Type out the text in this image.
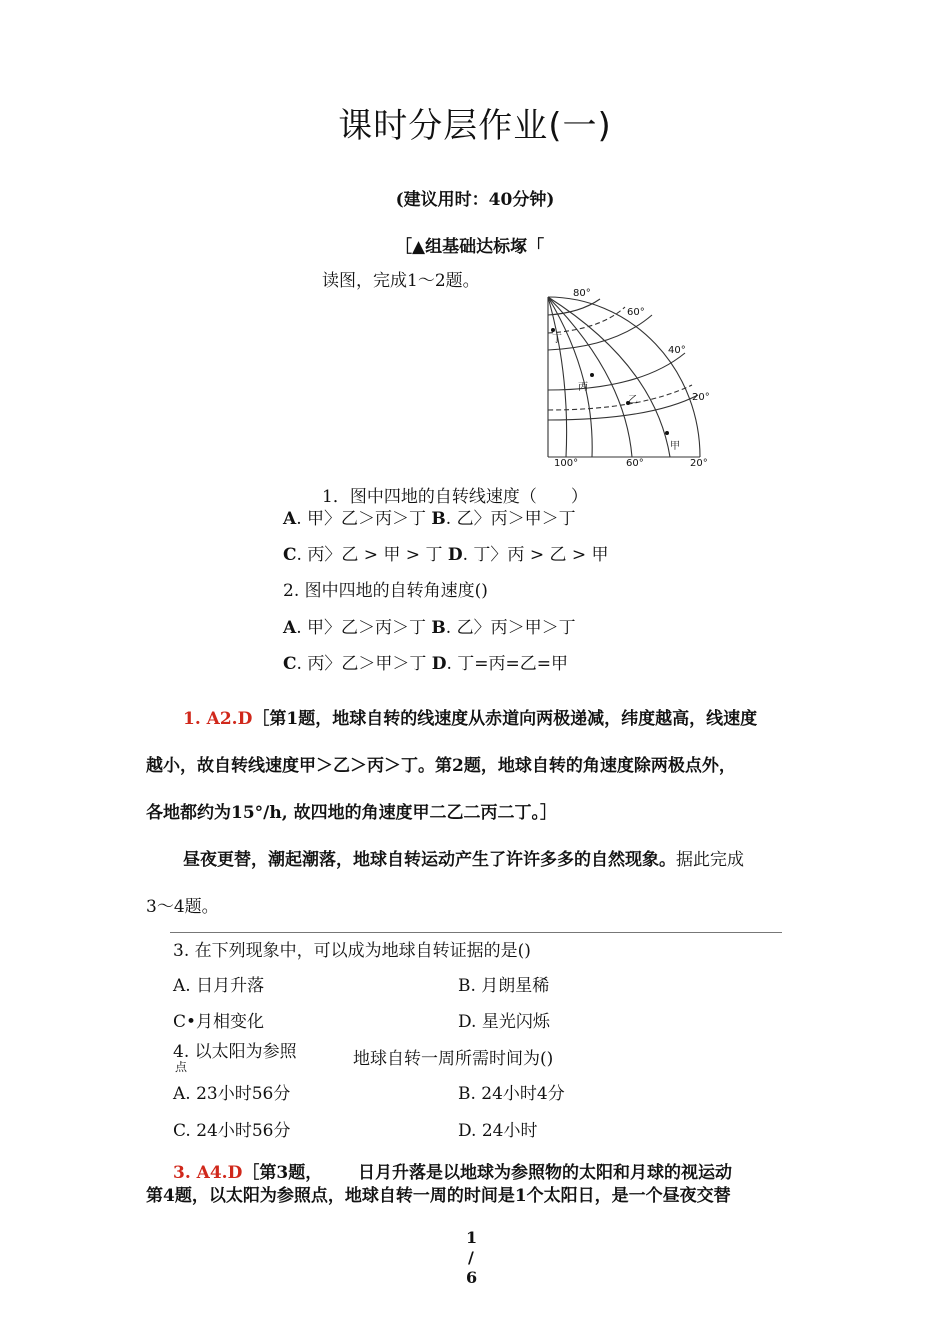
课时分层作业(一)
(建议用时：40分钟)
［▲组基础达标塚「
读图，完成1～2题。
80°
60°
40°
20°
100°	60°	20°
丁
丙
乙
甲
1．图中四地的自转线速度（　　）
A. 甲〉乙＞丙＞丁 B. 乙〉丙＞甲＞丁
C. 丙〉乙 > 甲 > 丁 D. 丁〉丙 > 乙 > 甲
2. 图中四地的自转角速度()
A. 甲〉乙＞丙＞丁 B. 乙〉丙＞甲＞丁
C. 丙〉乙＞甲＞丁 D. 丁=丙=乙=甲
1. A2.D［第1题，地球自转的线速度从赤道向两极递减，纬度越高，线速度
越小，故自转线速度甲＞乙＞丙＞丁。第2题，地球自转的角速度除两极点外，
各地都约为15°/h, 故四地的角速度甲二乙二丙二丁。］
昼夜更替，潮起潮落，地球自转运动产生了许许多多的自然现象。据此完成
3～4题。
3. 在下列现象中，可以成为地球自转证据的是()
A. 日月升落	B. 月朗星稀
C•月相变化	D. 星光闪烁
4. 以太阳为参照
点	地球自转一周所需时间为()
A. 23小时56分	B. 24小时4分
C. 24小时56分	D. 24小时
3. A4.D［第3题， 日月升落是以地球为参照物的太阳和月球的视运动
第4题，以太阳为参照点，地球自转一周的时间是1个太阳日，是一个昼夜交替
1
/
6
